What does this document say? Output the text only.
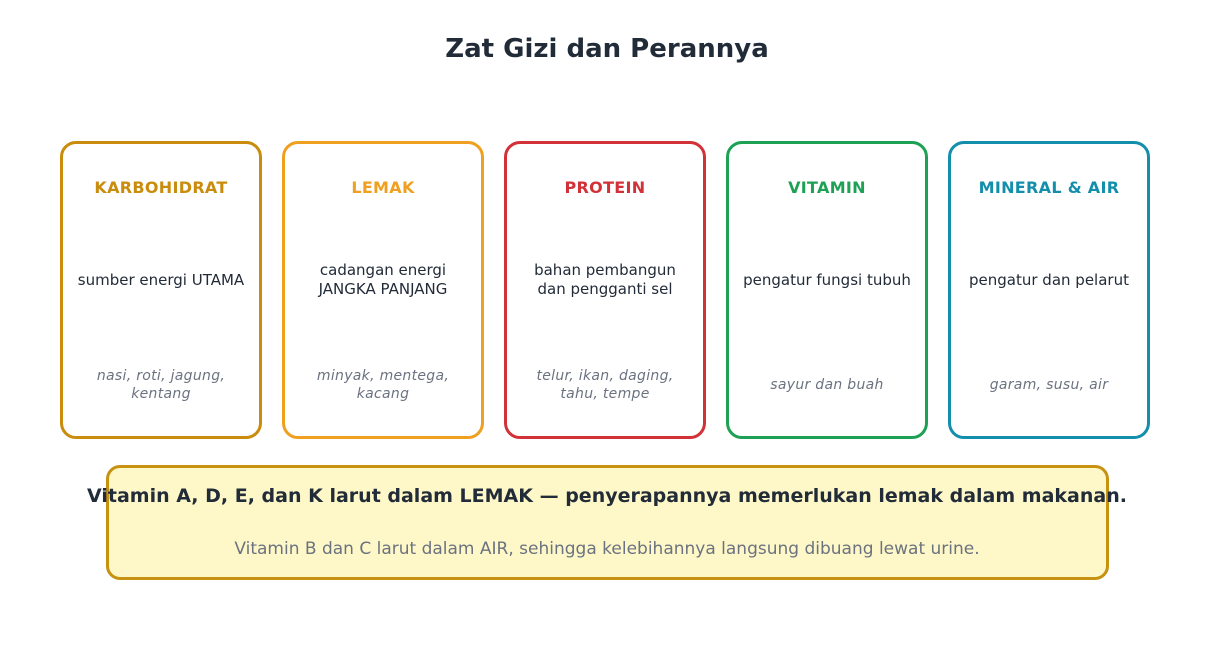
Zat Gizi dan Perannya
KARBOHIDRAT
sumber energi UTAMA
nasi, roti, jagung, kentang
LEMAK
cadangan energi JANGKA PANJANG
minyak, mentega, kacang
PROTEIN
bahan pembangun dan pengganti sel
telur, ikan, daging, tahu, tempe
VITAMIN
pengatur fungsi tubuh
sayur dan buah
MINERAL & AIR
pengatur dan pelarut
garam, susu, air
Vitamin A, D, E, dan K larut dalam LEMAK — penyerapannya memerlukan lemak dalam makanan.
Vitamin B dan C larut dalam AIR, sehingga kelebihannya langsung dibuang lewat urine.
